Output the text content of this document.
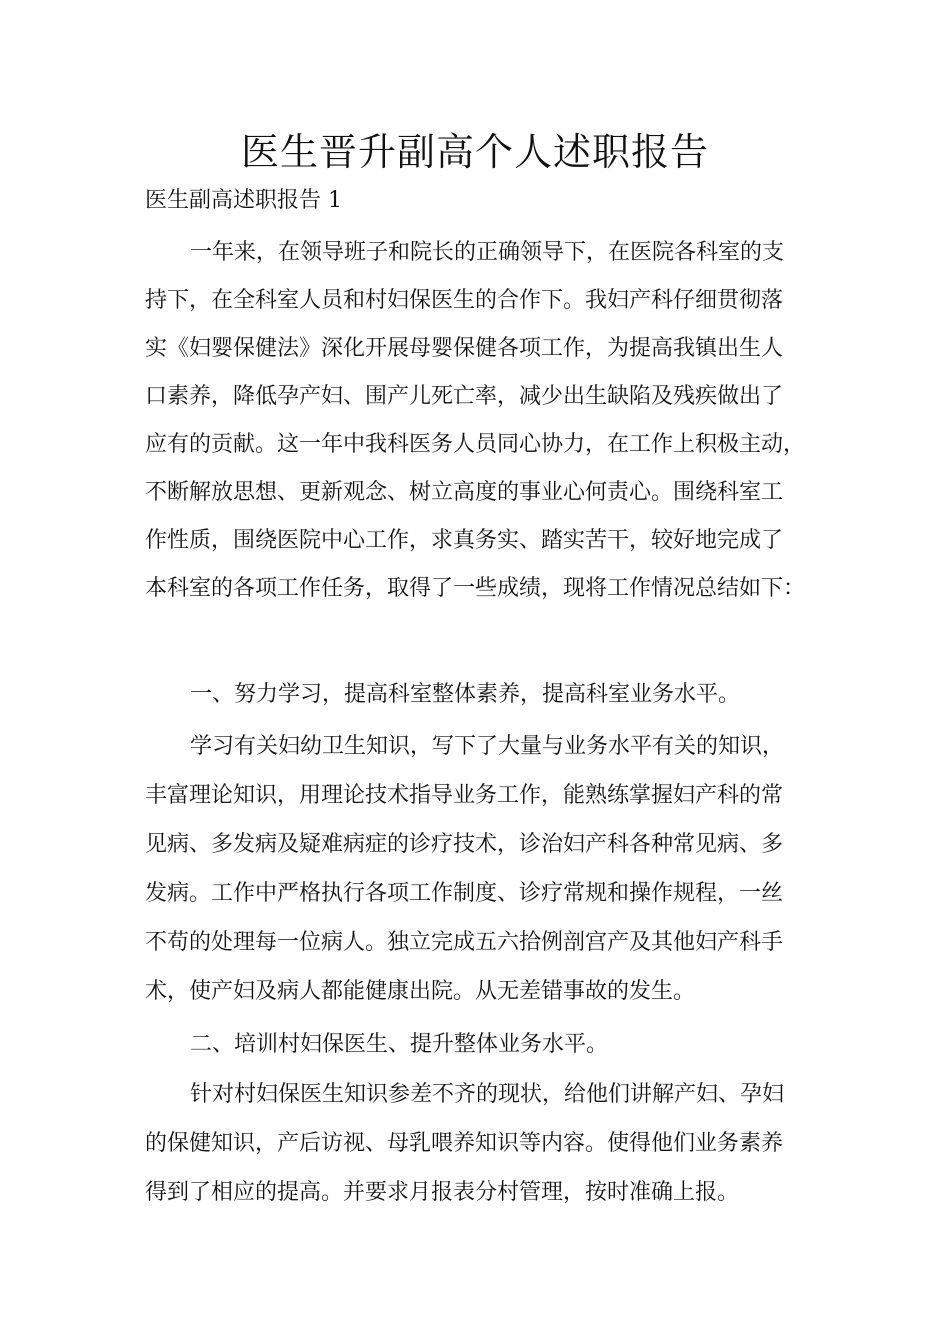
医生晋升副高个人述职报告

医生副高述职报告 1

一年来，在领导班子和院长的正确领导下，在医院各科室的支

持下，在全科室人员和村妇保医生的合作下。我妇产科仔细贯彻落

实《妇婴保健法》深化开展母婴保健各项工作，为提高我镇出生人

口素养，降低孕产妇、围产儿死亡率，减少出生缺陷及残疾做出了

应有的贡献。这一年中我科医务人员同心协力，在工作上积极主动，

不断解放思想、更新观念、树立高度的事业心何责心。围绕科室工

作性质，围绕医院中心工作，求真务实、踏实苦干，较好地完成了

本科室的各项工作任务，取得了一些成绩，现将工作情况总结如下：

一、努力学习，提高科室整体素养，提高科室业务水平。

学习有关妇幼卫生知识，写下了大量与业务水平有关的知识，

丰富理论知识，用理论技术指导业务工作，能熟练掌握妇产科的常

见病、多发病及疑难病症的诊疗技术，诊治妇产科各种常见病、多

发病。工作中严格执行各项工作制度、诊疗常规和操作规程，一丝

不苟的处理每一位病人。独立完成五六拾例剖宫产及其他妇产科手

术，使产妇及病人都能健康出院。从无差错事故的发生。

二、培训村妇保医生、提升整体业务水平。

针对村妇保医生知识参差不齐的现状，给他们讲解产妇、孕妇

的保健知识，产后访视、母乳喂养知识等内容。使得他们业务素养

得到了相应的提高。并要求月报表分村管理，按时准确上报。
